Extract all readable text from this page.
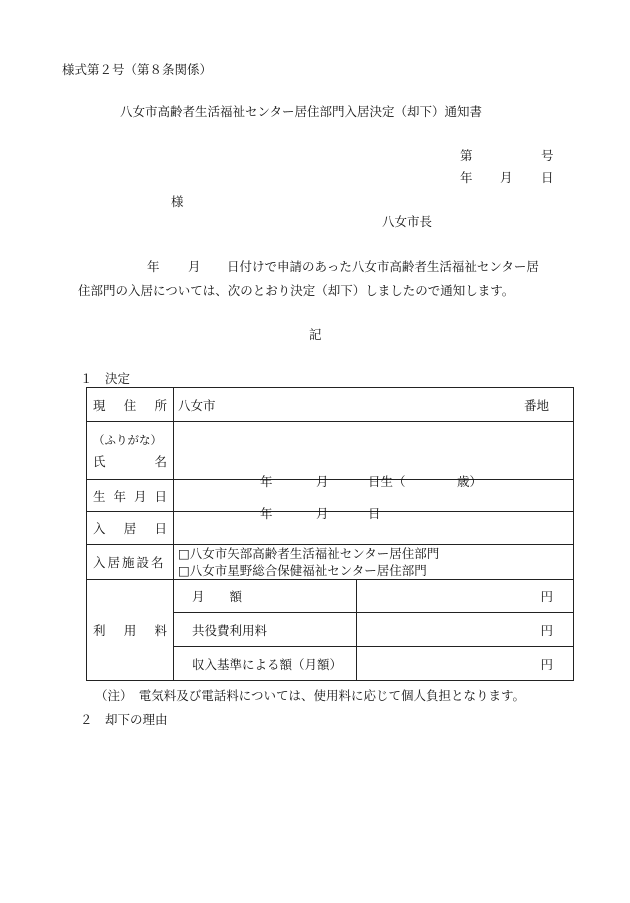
様式第２号（第８条関係）
八女市高齢者生活福祉センター居住部門入居決定（却下）通知書
第	号
年 月 日
様
八女市長
年 月 日付けで申請のあった八女市高齢者生活福祉センター居
住部門の入居については、次のとおり決定（却下）しましたので通知します。
記
１　決定
現 住 所	八女市 番地	

（ふりがな）
氏 名		

生 年 月 日	年 月 日生（ 歳）	

入 居 日	年 月 日	

入居施設名	□八女市矢部高齢者生活福祉センター居住部門
□八女市星野総合保健福祉センター居住部門	

利 用 料	月　　額	円
	共役費利用料	円
	収入基準による額（月額）	円
（注）　電気料及び電話料については、使用料に応じて個人負担となります。
２　却下の理由
